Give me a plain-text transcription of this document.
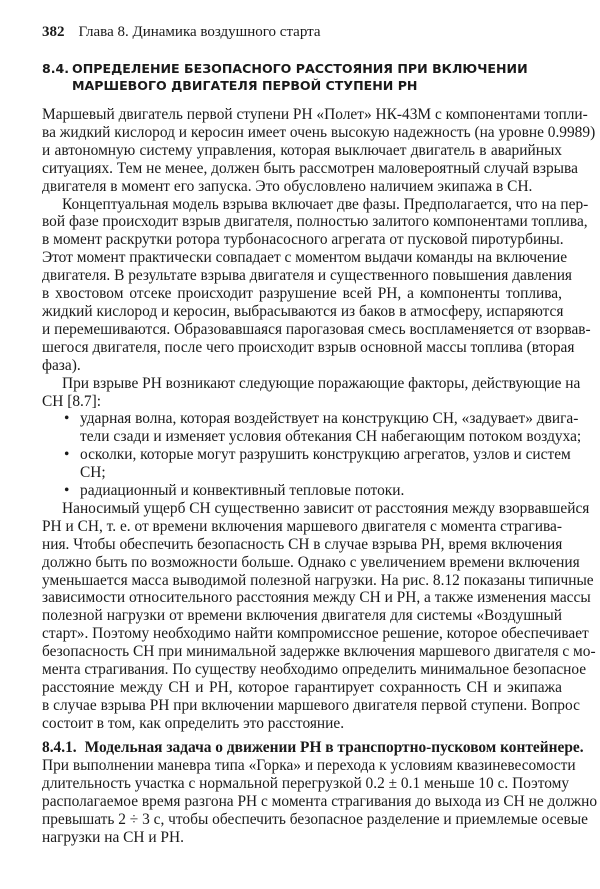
382 Глава 8. Динамика воздушного старта
8.4. ОПРЕДЕЛЕНИЕ БЕЗОПАСНОГО РАССТОЯНИЯ ПРИ ВКЛЮЧЕНИИ
МАРШЕВОГО ДВИГАТЕЛЯ ПЕРВОЙ СТУПЕНИ РН
Маршевый двигатель первой ступени РН «Полет» НК-43М с компонентами топли-
ва жидкий кислород и керосин имеет очень высокую надежность (на уровне 0.9989)
и автономную систему управления, которая выключает двигатель в аварийных
ситуациях. Тем не менее, должен быть рассмотрен маловероятный случай взрыва
двигателя в момент его запуска. Это обусловлено наличием экипажа в СН.
Концептуальная модель взрыва включает две фазы. Предполагается, что на пер-
вой фазе происходит взрыв двигателя, полностью залитого компонентами топлива,
в момент раскрутки ротора турбонасосного агрегата от пусковой пиротурбины.
Этот момент практически совпадает с моментом выдачи команды на включение
двигателя. В результате взрыва двигателя и существенного повышения давления
в хвостовом отсеке происходит разрушение всей РН, а компоненты топлива,
жидкий кислород и керосин, выбрасываются из баков в атмосферу, испаряются
и перемешиваются. Образовавшаяся парогазовая смесь воспламеняется от взорвав-
шегося двигателя, после чего происходит взрыв основной массы топлива (вторая
фаза).
При взрыве РН возникают следующие поражающие факторы, действующие на
СН [8.7]:
• ударная волна, которая воздействует на конструкцию СН, «задувает» двига-
тели сзади и изменяет условия обтекания СН набегающим потоком воздуха;
• осколки, которые могут разрушить конструкцию агрегатов, узлов и систем
СН;
• радиационный и конвективный тепловые потоки.
Наносимый ущерб СН существенно зависит от расстояния между взорвавшейся
РН и СН, т. е. от времени включения маршевого двигателя с момента страгива-
ния. Чтобы обеспечить безопасность СН в случае взрыва РН, время включения
должно быть по возможности больше. Однако с увеличением времени включения
уменьшается масса выводимой полезной нагрузки. На рис. 8.12 показаны типичные
зависимости относительного расстояния между СН и РН, а также изменения массы
полезной нагрузки от времени включения двигателя для системы «Воздушный
старт». Поэтому необходимо найти компромиссное решение, которое обеспечивает
безопасность СН при минимальной задержке включения маршевого двигателя с мо-
мента страгивания. По существу необходимо определить минимальное безопасное
расстояние между СН и РН, которое гарантирует сохранность СН и экипажа
в случае взрыва РН при включении маршевого двигателя первой ступени. Вопрос
состоит в том, как определить это расстояние.
8.4.1. Модельная задача о движении РН в транспортно-пусковом контейнере.
При выполнении маневра типа «Горка» и перехода к условиям квазиневесомости
длительность участка с нормальной перегрузкой 0.2 ± 0.1 меньше 10 с. Поэтому
располагаемое время разгона РН с момента страгивания до выхода из СН не должно
превышать 2 ÷ 3 с, чтобы обеспечить безопасное разделение и приемлемые осевые
нагрузки на СН и РН.
